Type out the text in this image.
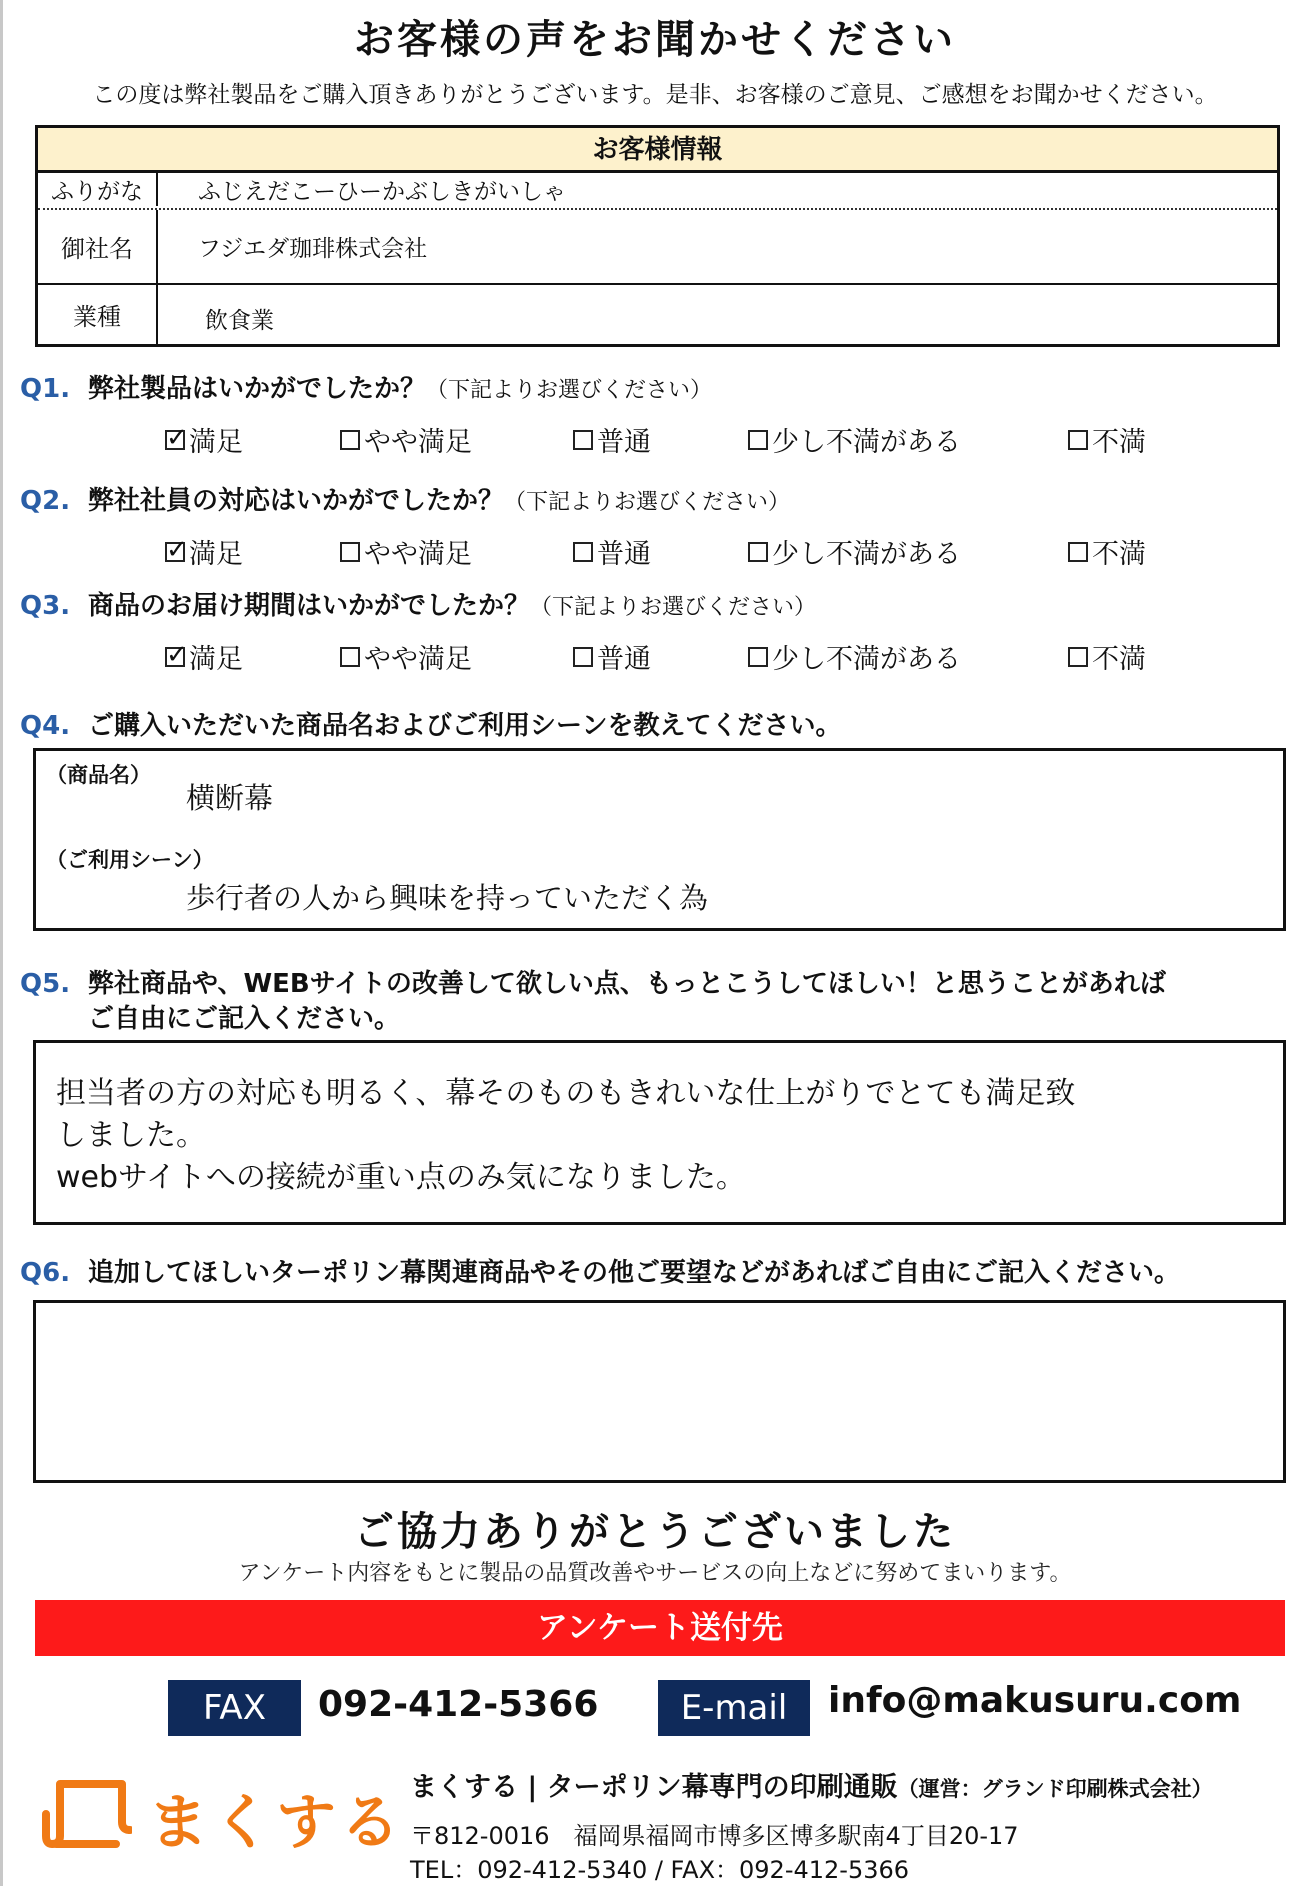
お客様の声をお聞かせください
この度は弊社製品をご購入頂きありがとうございます。是非、お客様のご意見、ご感想をお聞かせください。
お客様情報
ふりがな	ふじえだこーひーかぶしきがいしゃ
御社名	フジエダ珈琲株式会社
業種	飲食業
Q1. 弊社製品はいかがでしたか？（下記よりお選びください）
✓
満足	やや満足	普通	少し不満がある	不満
Q2. 弊社社員の対応はいかがでしたか？（下記よりお選びください）
✓
満足	やや満足	普通	少し不満がある	不満
Q3. 商品のお届け期間はいかがでしたか？（下記よりお選びください）
✓
満足	やや満足	普通	少し不満がある	不満
Q4. ご購入いただいた商品名およびご利用シーンを教えてください。
（商品名）
横断幕
（ご利用シーン）
歩行者の人から興味を持っていただく為
Q5. 弊社商品や、WEBサイトの改善して欲しい点、もっとこうしてほしい！と思うことがあれば
ご自由にご記入ください。
担当者の方の対応も明るく、幕そのものもきれいな仕上がりでとても満足致
しました。
webサイトへの接続が重い点のみ気になりました。
Q6. 追加してほしいターポリン幕関連商品やその他ご要望などがあればご自由にご記入ください。
ご協力ありがとうございました
アンケート内容をもとに製品の品質改善やサービスの向上などに努めてまいります。
アンケート送付先
FAX	092-412-5366	E-mail	info@makusuru.com
まくする
まくする | ターポリン幕専門の印刷通販（運営：グランド印刷株式会社）
〒812-0016　福岡県福岡市博多区博多駅南4丁目20-17
TEL：092-412-5340 / FAX：092-412-5366
